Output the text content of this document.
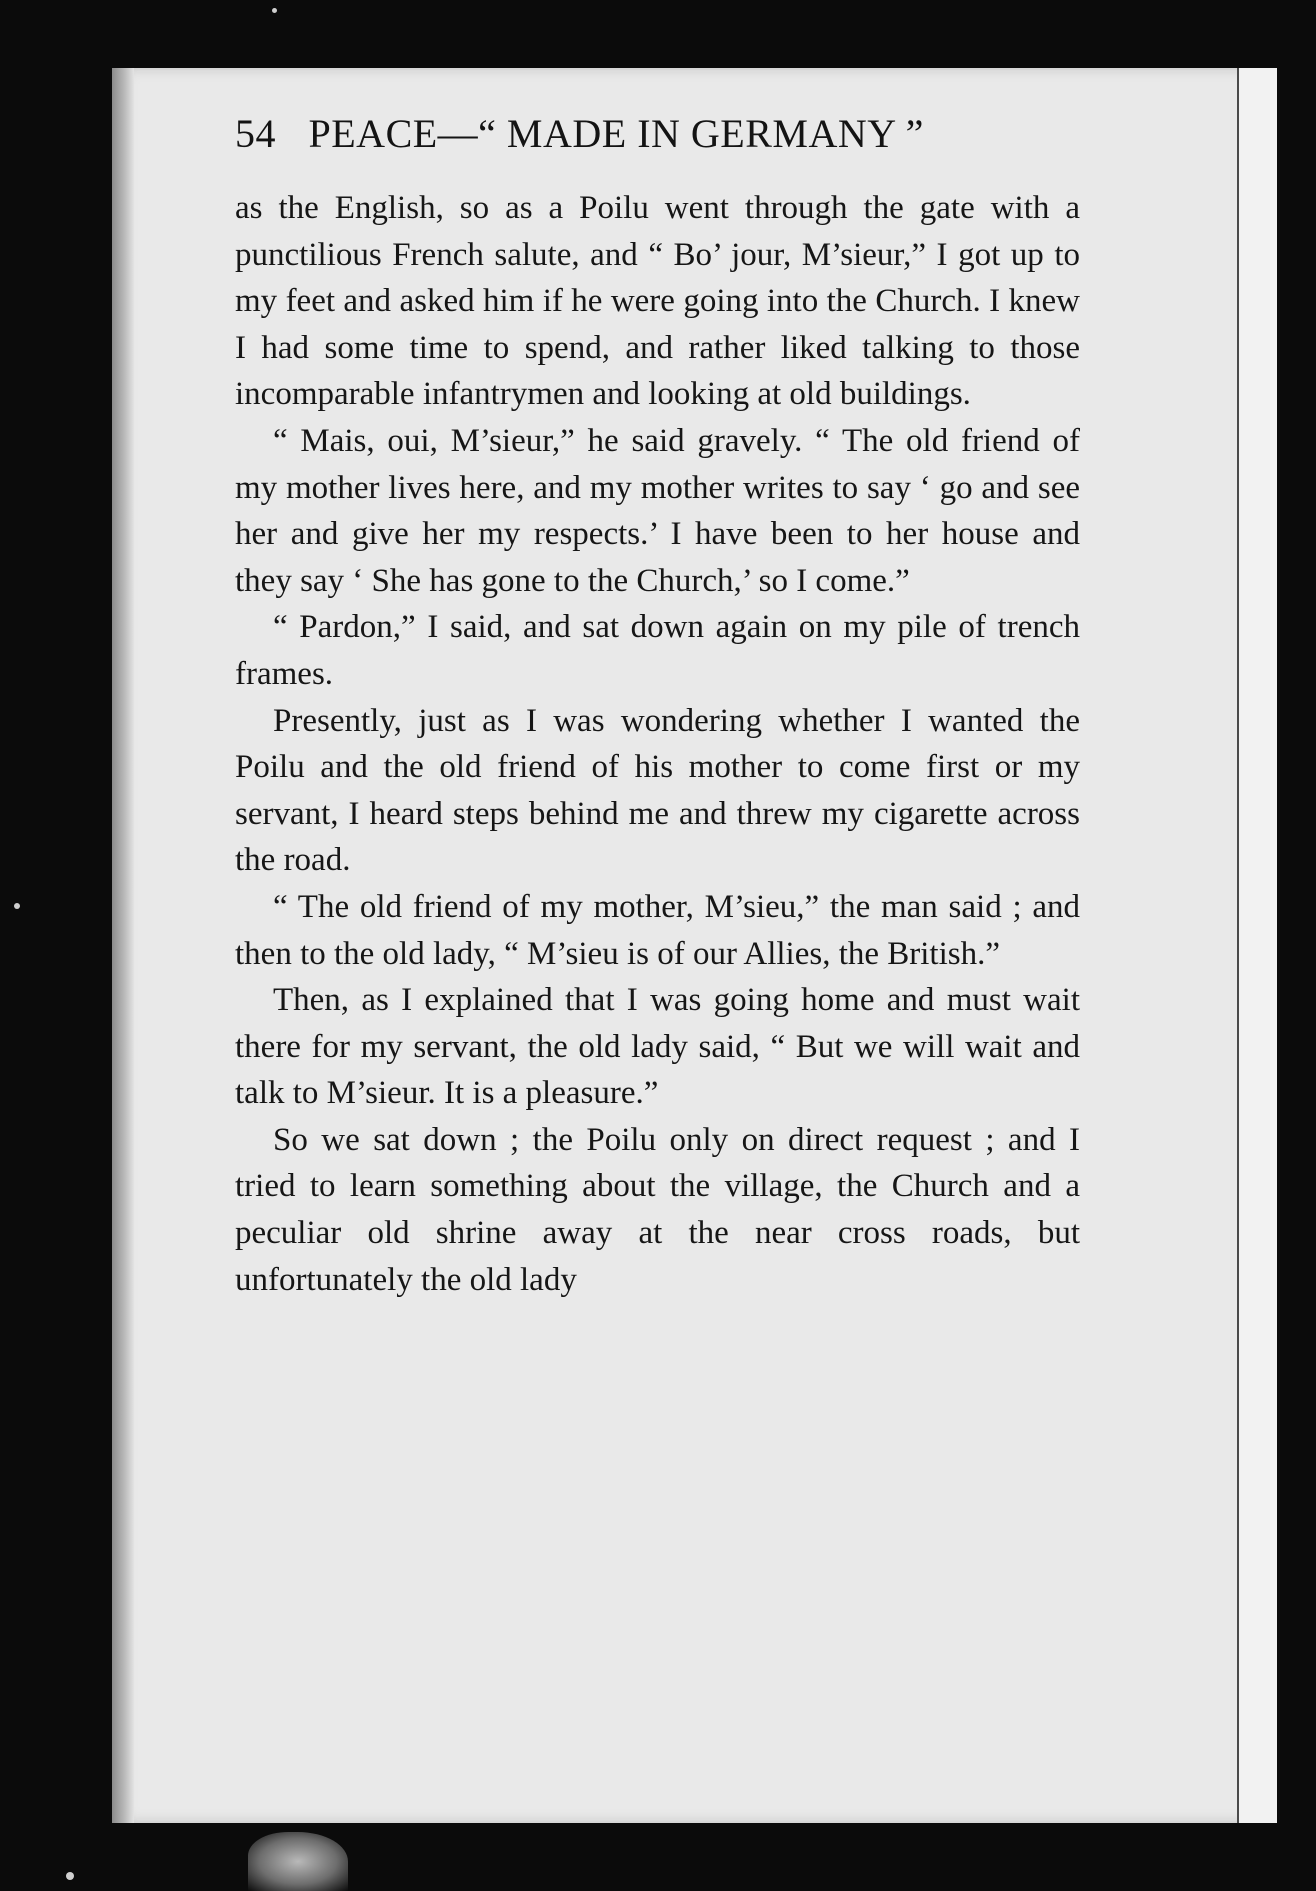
54 PEACE—“ MADE IN GERMANY ”

as the English, so as a Poilu went through the gate with a punctilious French salute, and “ Bo’ jour, M’sieur,” I got up to my feet and asked him if he were going into the Church. I knew I had some time to spend, and rather liked talking to those incomparable infantrymen and looking at old buildings.

“ Mais, oui, M’sieur,” he said gravely. “ The old friend of my mother lives here, and my mother writes to say ‘ go and see her and give her my respects.’ I have been to her house and they say ‘ She has gone to the Church,’ so I come.”

“ Pardon,” I said, and sat down again on my pile of trench frames.

Presently, just as I was wondering whether I wanted the Poilu and the old friend of his mother to come first or my servant, I heard steps behind me and threw my cigarette across the road.

“ The old friend of my mother, M’sieu,” the man said ; and then to the old lady, “ M’sieu is of our Allies, the British.”

Then, as I explained that I was going home and must wait there for my servant, the old lady said, “ But we will wait and talk to M’sieur. It is a pleasure.”

So we sat down ; the Poilu only on direct request ; and I tried to learn something about the village, the Church and a peculiar old shrine away at the near cross roads, but unfortunately the old lady
